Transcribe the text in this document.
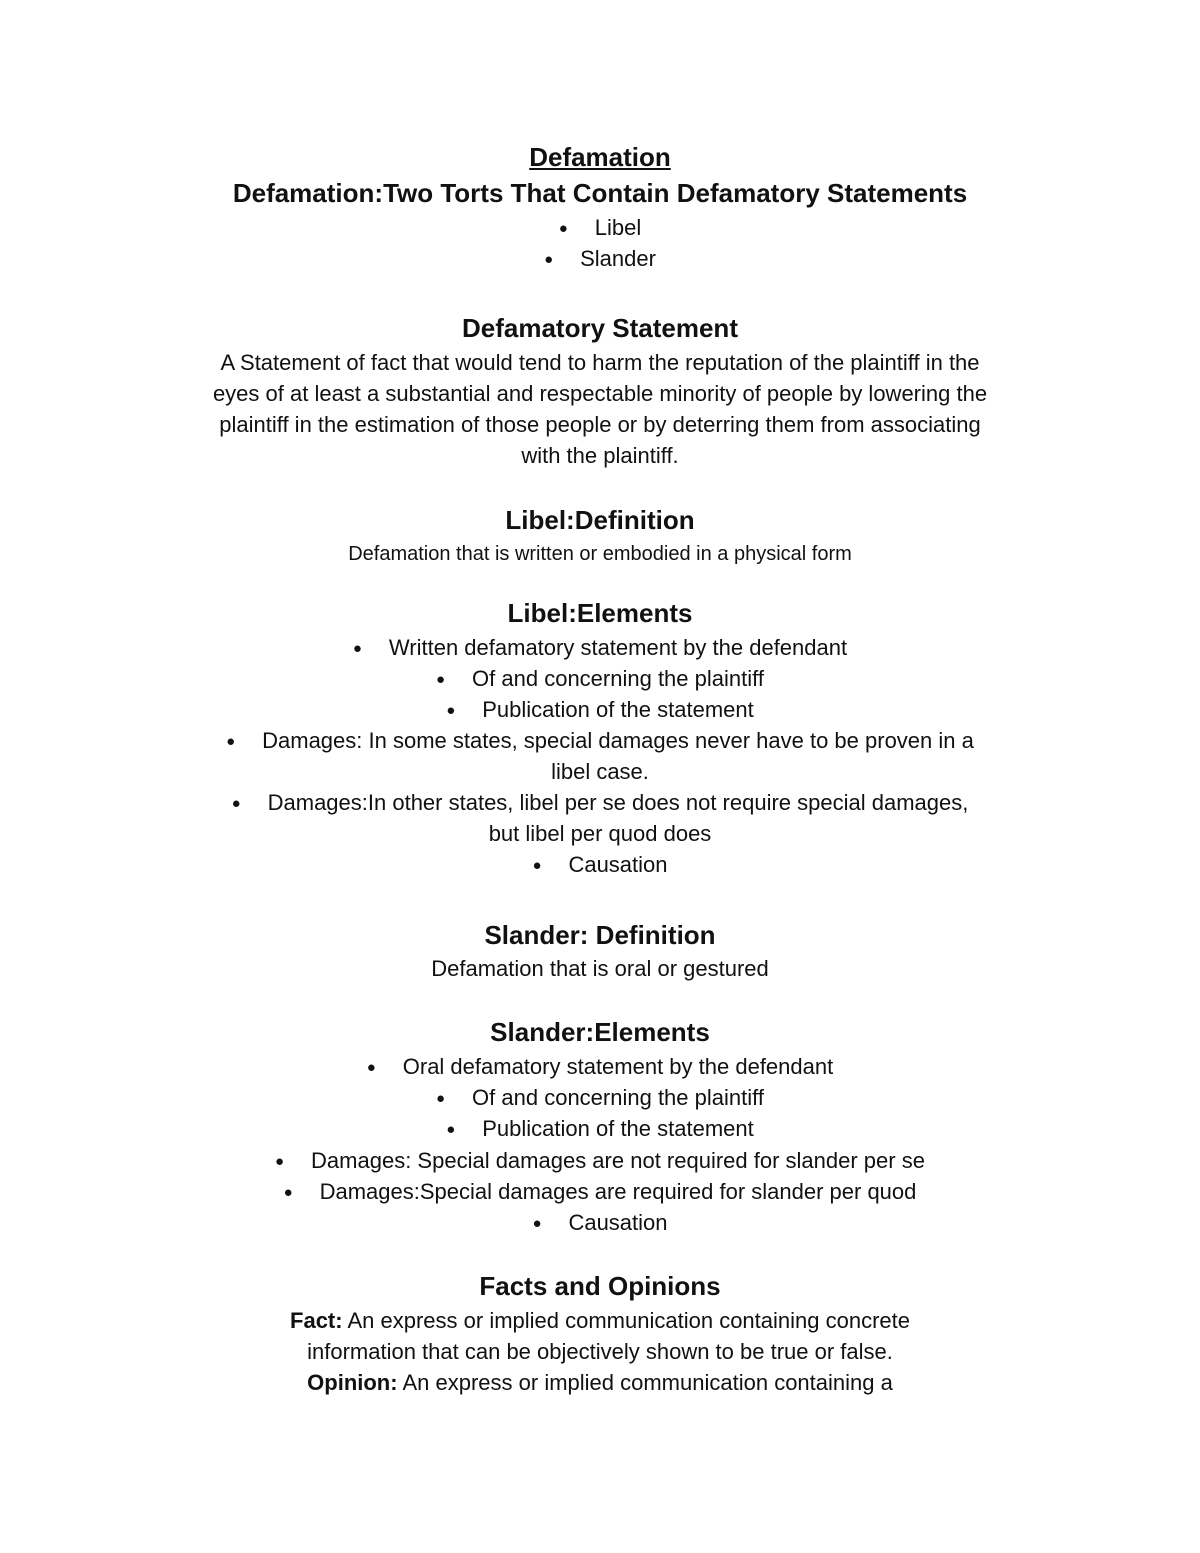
Defamation
Defamation:Two Torts That Contain Defamatory Statements
● Libel
● Slander
Defamatory Statement
A Statement of fact that would tend to harm the reputation of the plaintiff in the
eyes of at least a substantial and respectable minority of people by lowering the
plaintiff in the estimation of those people or by deterring them from associating
with the plaintiff.
Libel:Definition
Defamation that is written or embodied in a physical form
Libel:Elements
● Written defamatory statement by the defendant
● Of and concerning the plaintiff
● Publication of the statement
● Damages: In some states, special damages never have to be proven in a
libel case.
● Damages:In other states, libel per se does not require special damages,
but libel per quod does
● Causation
Slander: Definition
Defamation that is oral or gestured
Slander:Elements
● Oral defamatory statement by the defendant
● Of and concerning the plaintiff
● Publication of the statement
● Damages: Special damages are not required for slander per se
● Damages:Special damages are required for slander per quod
● Causation
Facts and Opinions
Fact: An express or implied communication containing concrete
information that can be objectively shown to be true or false.
Opinion: An express or implied communication containing a
